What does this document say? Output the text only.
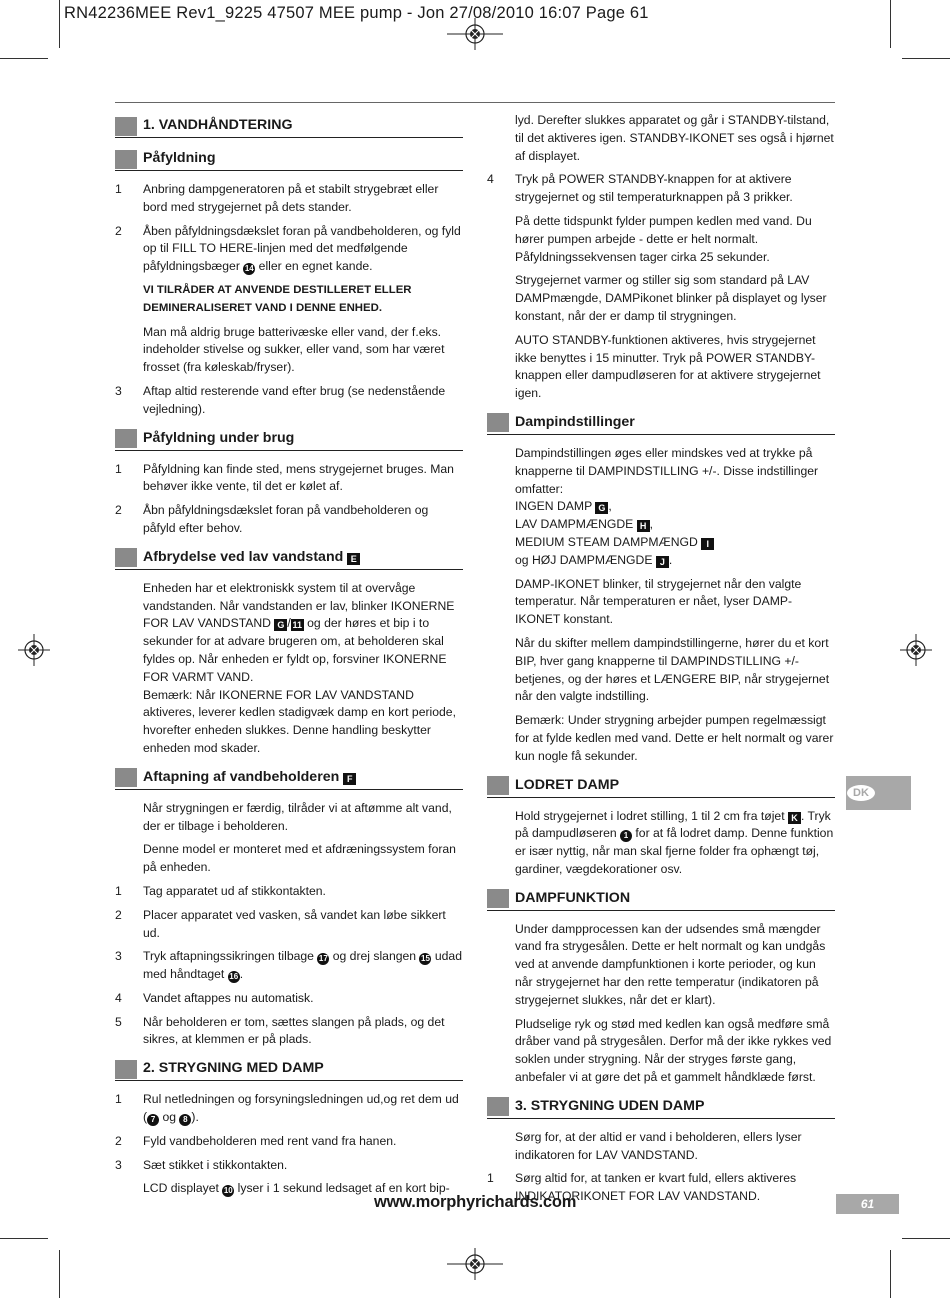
RN42236MEE Rev1_9225 47507 MEE pump - Jon 27/08/2010 16:07 Page 61
1. VANDHÅNDTERING
Påfyldning
1	Anbring dampgeneratoren på et stabilt strygebræt eller bord med strygejernet på dets stander.
2	Åben påfyldningsdækslet foran på vandbeholderen, og fyld op til FILL TO HERE-linjen med det medfølgende påfyldningsbæger 14 eller en egnet kande.
VI TILRÅDER AT ANVENDE DESTILLERET ELLER DEMINERALISERET VAND I DENNE ENHED.
Man må aldrig bruge batterivæske eller vand, der f.eks. indeholder stivelse og sukker, eller vand, som har været frosset (fra køleskab/fryser).
3	Aftap altid resterende vand efter brug (se nedenstående vejledning).
Påfyldning under brug
1	Påfyldning kan finde sted, mens strygejernet bruges. Man behøver ikke vente, til det er kølet af.
2	Åbn påfyldningsdækslet foran på vandbeholderen og påfyld efter behov.
Afbrydelse ved lav vandstand E
Enheden har et elektroniskk system til at overvåge vandstanden. Når vandstanden er lav, blinker IKONERNE FOR LAV VANDSTAND G / 11 og der høres et bip i to sekunder for at advare brugeren om, at beholderen skal fyldes op. Når enheden er fyldt op, forsviner IKONERNE FOR VARMT VAND.
Bemærk: Når IKONERNE FOR LAV VANDSTAND aktiveres, leverer kedlen stadigvæk damp en kort periode, hvorefter enheden slukkes. Denne handling beskytter enheden mod skader.
Aftapning af vandbeholderen F
Når strygningen er færdig, tilråder vi at aftømme alt vand, der er tilbage i beholderen.
Denne model er monteret med et afdræningssystem foran på enheden.
1	Tag apparatet ud af stikkontakten.
2	Placer apparatet ved vasken, så vandet kan løbe sikkert ud.
3	Tryk aftapningssikringen tilbage 17 og drej slangen 15 udad med håndtaget 16 .
4	Vandet aftappes nu automatisk.
5	Når beholderen er tom, sættes slangen på plads, og det sikres, at klemmen er på plads.
2. STRYGNING MED DAMP
1	Rul netledningen og forsyningsledningen ud,og ret dem ud ( 7 og 8 ).
2	Fyld vandbeholderen med rent vand fra hanen.
3	Sæt stikket i stikkontakten.
LCD displayet 10 lyser i 1 sekund ledsaget af en kort bip-
lyd. Derefter slukkes apparatet og går i STANDBY-tilstand, til det aktiveres igen. STANDBY-IKONET ses også i hjørnet af displayet.
4	Tryk på POWER STANDBY-knappen for at aktivere strygejernet og stil temperaturknappen på 3 prikker.
På dette tidspunkt fylder pumpen kedlen med vand. Du hører pumpen arbejde - dette er helt normalt. Påfyldningssekvensen tager cirka 25 sekunder.
Strygejernet varmer og stiller sig som standard på LAV DAMPmængde, DAMPikonet blinker på displayet og lyser konstant, når der er damp til strygningen.
AUTO STANDBY-funktionen aktiveres, hvis strygejernet ikke benyttes i 15 minutter. Tryk på POWER STANDBY-knappen eller dampudløseren for at aktivere strygejernet igen.
Dampindstillinger
Dampindstillingen øges eller mindskes ved at trykke på knapperne til DAMPINDSTILLING +/-. Disse indstillinger omfatter:
INGEN DAMP G ,
LAV DAMPMÆNGDE H ,
MEDIUM STEAM DAMPMÆNGD I
og HØJ DAMPMÆNGDE J .
DAMP-IKONET blinker, til strygejernet når den valgte temperatur. Når temperaturen er nået, lyser DAMP-IKONET konstant.
Når du skifter mellem dampindstillingerne, hører du et kort BIP, hver gang knapperne til DAMPINDSTILLING +/- betjenes, og der høres et LÆNGERE BIP, når strygejernet når den valgte indstilling.
Bemærk: Under strygning arbejder pumpen regelmæssigt for at fylde kedlen med vand. Dette er helt normalt og varer kun nogle få sekunder.
LODRET DAMP
Hold strygejernet i lodret stilling, 1 til 2 cm fra tøjet K . Tryk på dampudløseren 1 for at få lodret damp. Denne funktion er især nyttig, når man skal fjerne folder fra ophængt tøj, gardiner, vægdekorationer osv.
DAMPFUNKTION
Under dampprocessen kan der udsendes små mængder vand fra strygesålen. Dette er helt normalt og kan undgås ved at anvende dampfunktionen i korte perioder, og kun når strygejernet har den rette temperatur (indikatoren på strygejernet slukkes, når det er klart).
Pludselige ryk og stød med kedlen kan også medføre små dråber vand på strygesålen. Derfor må der ikke rykkes ved soklen under strygning. Når der stryges første gang, anbefaler vi at gøre det på et gammelt håndklæde først.
3. STRYGNING UDEN DAMP
Sørg for, at der altid er vand i beholderen, ellers lyser indikatoren for LAV VANDSTAND.
1	Sørg altid for, at tanken er kvart fuld, ellers aktiveres INDIKATORIKONET FOR LAV VANDSTAND.
DK
www.morphyrichards.com	61
